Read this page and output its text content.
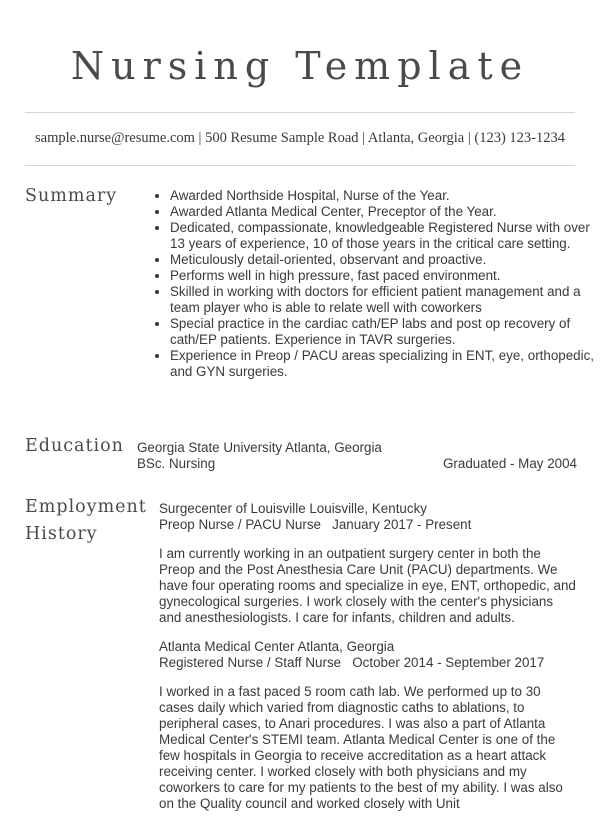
Nursing Template
sample.nurse@resume.com | 500 Resume Sample Road | Atlanta, Georgia | (123) 123-1234
Summary	• Awarded Northside Hospital, Nurse of the Year.
• Awarded Atlanta Medical Center, Preceptor of the Year.
• Dedicated, compassionate, knowledgeable Registered Nurse with over 13 years of experience, 10 of those years in the critical care setting.
• Meticulously detail-oriented, observant and proactive.
• Performs well in high pressure, fast paced environment.
• Skilled in working with doctors for efficient patient management and a team player who is able to relate well with coworkers
• Special practice in the cardiac cath/EP labs and post op recovery of cath/EP patients. Experience in TAVR surgeries.
• Experience in Preop / PACU areas specializing in ENT, eye, orthopedic, and GYN surgeries.
Education Georgia State University Atlanta, Georgia
BSc. Nursing	Graduated - May 2004
Employment
History
Surgecenter of Louisville Louisville, Kentucky
Preop Nurse / PACU Nurse   January 2017 - Present
I am currently working in an outpatient surgery center in both the Preop and the Post Anesthesia Care Unit (PACU) departments. We have four operating rooms and specialize in eye, ENT, orthopedic, and gynecological surgeries. I work closely with the center's physicians and anesthesiologists. I care for infants, children and adults.
Atlanta Medical Center Atlanta, Georgia
Registered Nurse / Staff Nurse   October 2014 - September 2017
I worked in a fast paced 5 room cath lab. We performed up to 30 cases daily which varied from diagnostic caths to ablations, to peripheral cases, to Anari procedures. I was also a part of Atlanta Medical Center's STEMI team. Atlanta Medical Center is one of the few hospitals in Georgia to receive accreditation as a heart attack receiving center. I worked closely with both physicians and my coworkers to care for my patients to the best of my ability. I was also on the Quality council and worked closely with Unit
